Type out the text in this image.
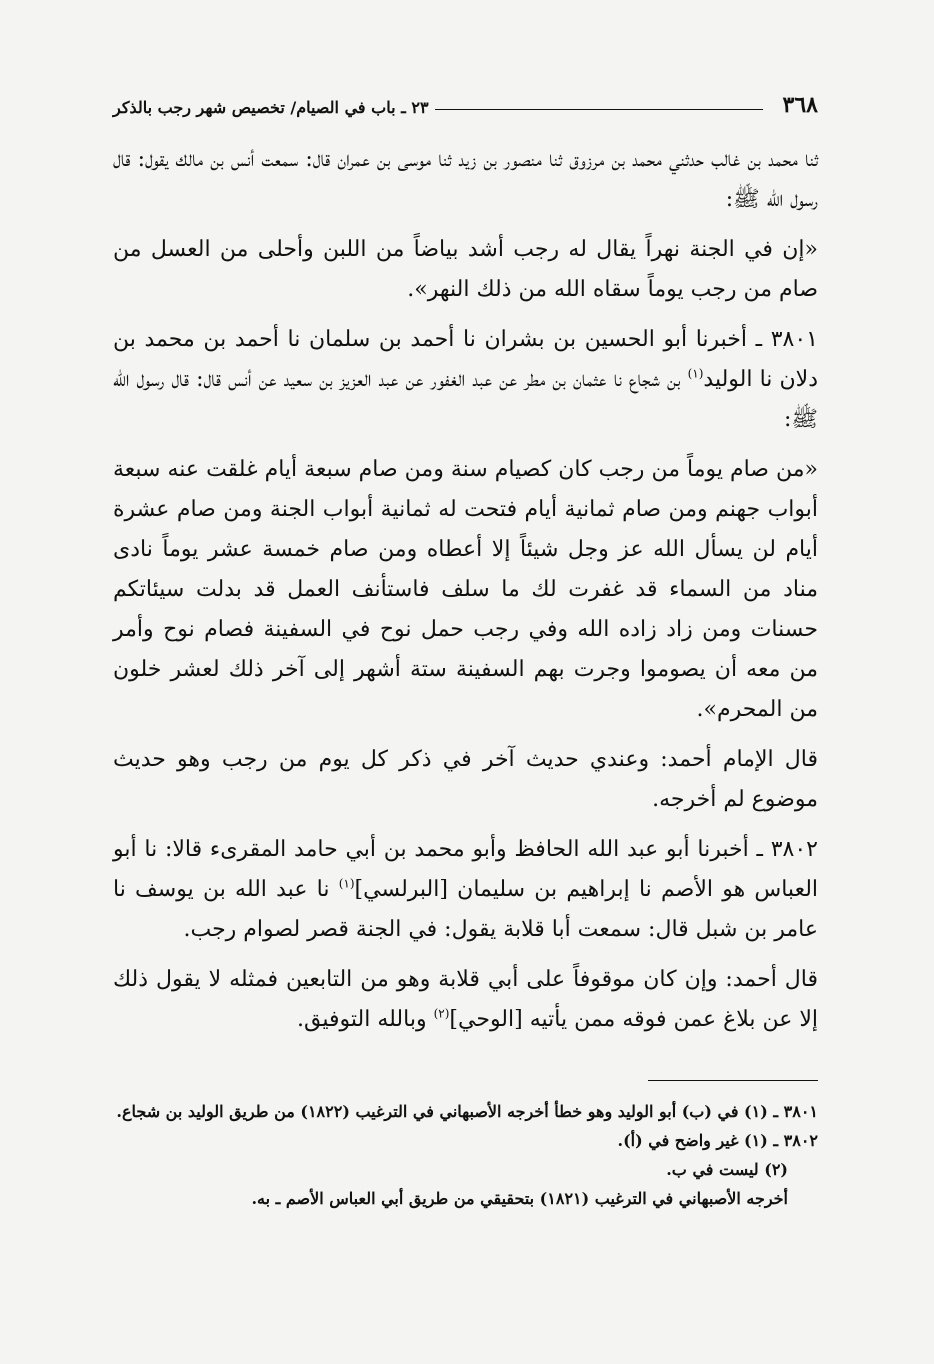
٣٦٨
٢٣ ـ باب في الصيام/ تخصيص شهر رجب بالذكر

ثنا محمد بن غالب حدثني محمد بن مرزوق ثنا منصور بن زيد ثنا موسى بن عمران قال: سمعت أنس بن مالك يقول: قال رسول الله ﷺ:

«إن في الجنة نهراً يقال له رجب أشد بياضاً من اللبن وأحلى من العسل من صام من رجب يوماً سقاه الله من ذلك النهر».

٣٨٠١ ـ أخبرنا أبو الحسين بن بشران نا أحمد بن سلمان نا أحمد بن محمد بن دلان نا الوليد$^{(١)}$ بن شجاع نا عثمان بن مطر عن عبد الغفور عن عبد العزيز بن سعيد عن أنس قال: قال رسول الله ﷺ:

«من صام يوماً من رجب كان كصيام سنة ومن صام سبعة أيام غلقت عنه سبعة أبواب جهنم ومن صام ثمانية أيام فتحت له ثمانية أبواب الجنة ومن صام عشرة أيام لن يسأل الله عز وجل شيئاً إلا أعطاه ومن صام خمسة عشر يوماً نادى مناد من السماء قد غفرت لك ما سلف فاستأنف العمل قد بدلت سيئاتكم حسنات ومن زاد زاده الله وفي رجب حمل نوح في السفينة فصام نوح وأمر من معه أن يصوموا وجرت بهم السفينة ستة أشهر إلى آخر ذلك لعشر خلون من المحرم».

قال الإمام أحمد: وعندي حديث آخر في ذكر كل يوم من رجب وهو حديث موضوع لم أخرجه.

٣٨٠٢ ـ أخبرنا أبو عبد الله الحافظ وأبو محمد بن أبي حامد المقرىء قالا: نا أبو العباس هو الأصم نا إبراهيم بن سليمان [البرلسي]$^{(١)}$ نا عبد الله بن يوسف نا عامر بن شبل قال: سمعت أبا قلابة يقول: في الجنة قصر لصوام رجب.

قال أحمد: وإن كان موقوفاً على أبي قلابة وهو من التابعين فمثله لا يقول ذلك إلا عن بلاغ عمن فوقه ممن يأتيه [الوحي]$^{(٢)}$ وبالله التوفيق.

٣٨٠١ ـ (١) في (ب) أبو الوليد وهو خطأ أخرجه الأصبهاني في الترغيب (١٨٢٢) من طريق الوليد بن شجاع.

٣٨٠٢ ـ (١) غير واضح في (أ).

(٢) ليست في ب.

أخرجه الأصبهاني في الترغيب (١٨٢١) بتحقيقي من طريق أبي العباس الأصم ـ به.
